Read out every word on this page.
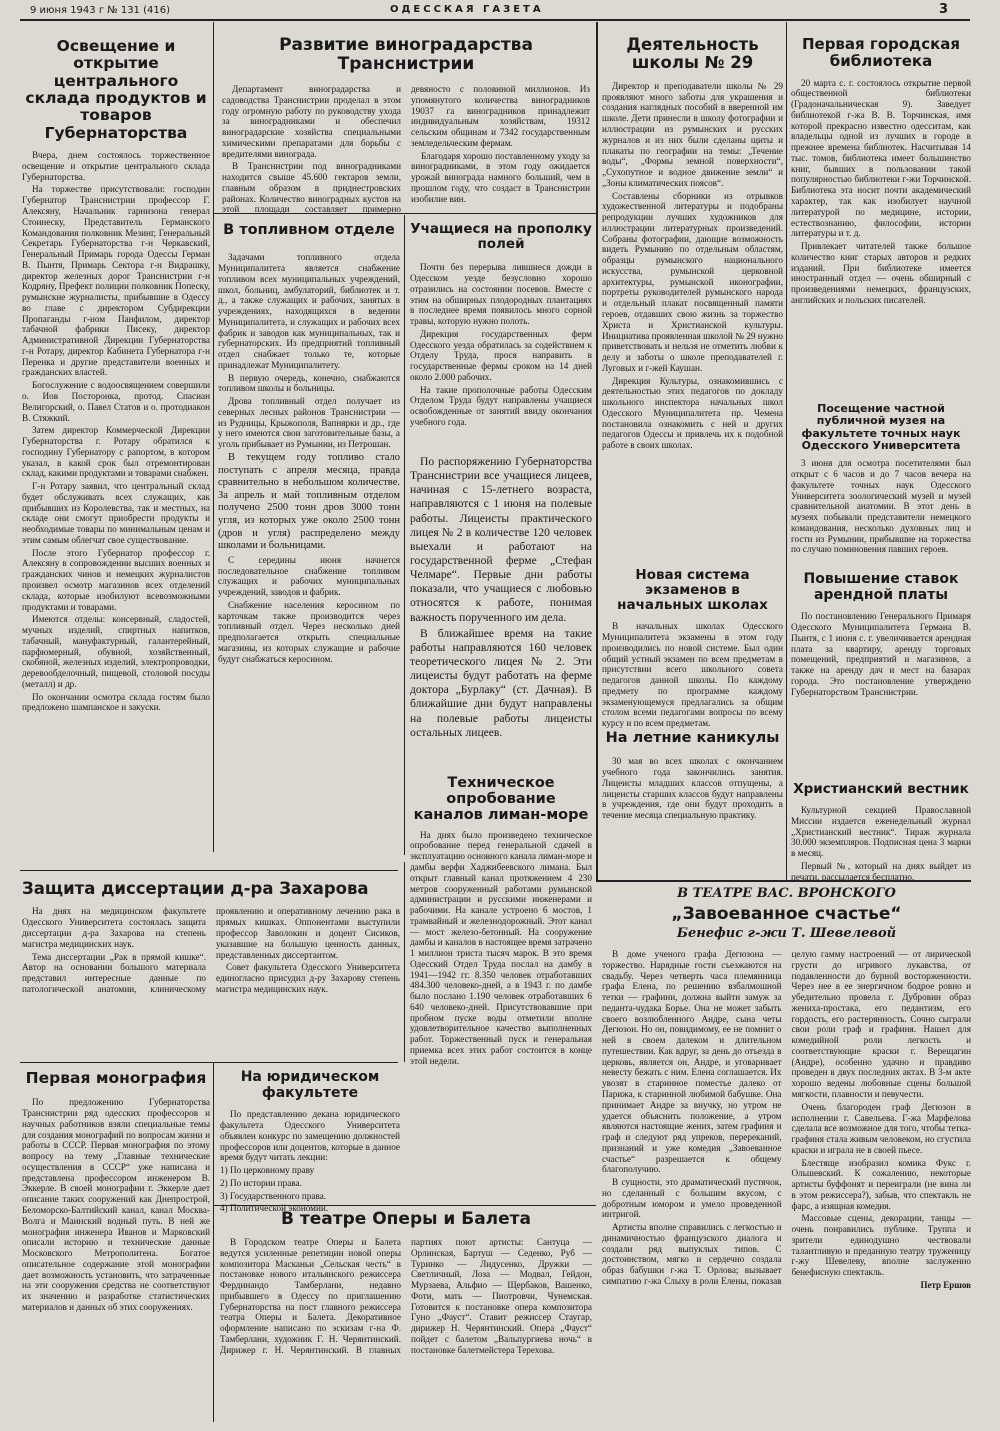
9 июня 1943 г № 131 (416)	ОДЕССКАЯ ГАЗЕТА	3
Освещение и открытие центрального склада продуктов и товаров Губернаторства

Вчера, днем состоялось торжественное освещение и открытие центрального склада Губернаторства.

На торжестве присутствовали: господин Губернатор Транснистрии профессор Г. Алексяну, Начальник гарнизона генерал Стоинеску, Представитель Германского Командования полковник Мезинг, Генеральный Секретарь Губернаторства г-н Черкавский, Генеральный Примарь города Одессы Герман В. Пынтя, Примарь Сектора г-н Видрашку, директор железных дорог Транснистрии г-н Кодряну, Префект полиции полковник Попеску, румынские журналисты, прибывшие в Одессу во главе с директором Субдирекции Пропаганды г-ном Панфилом, директор табачной фабрики Писеку, директор Административной Дирекции Губернаторства г-н Ротару, директор Кабинета Губернатора г-н Перенка и другие представители военных и гражданских властей.

Богослужение с водоосвящением совершили о. Иов Посторонка, протод. Спасиан Велигорский, о. Павел Статов и о. протодиакон В. Стяжкий.

Затем директор Коммерческой Дирекции Губернаторства г. Ротару обратился к господину Губернатору с рапортом, в котором указал, в какой срок был отремонтирован склад, какими продуктами и товарами снабжен.

Г-н Ротару заявил, что центральный склад будет обслуживать всех служащих, как прибывших из Королевства, так и местных, на складе они смогут приобрести продукты и необходимые товары по минимальным ценам и этим самым облегчат свое существование.

После этого Губернатор профессор г. Алексяну в сопровождении высших военных и гражданских чинов и немецких журналистов произвел осмотр магазинов всех отделений склада, которые изобилуют всевозможными продуктами и товарами.

Имеются отделы: консервный, сладостей, мучных изделий, спиртных напитков, табачный, мануфактурный, галантерейный, парфюмерный, обувной, хозяйственный, скобяной, железных изделий, электропроводки, деревообделочный, пищевой, столовой посуды (металл) и др.

По окончании осмотра склада гостям было предложено шампанское и закуски.

Развитие виноградарства Транснистрии

Департамент виноградарства и садоводства Транснистрии проделал в этом году огромную работу по руководству ухода за виноградниками и обеспечил виноградарские хозяйства специальными химическими препаратами для борьбы с вредителями винограда.

В Транснистрии под виноградниками находится свыше 45.600 гектаров земли, главным образом в приднестровских районах. Количество виноградных кустов на этой площади составляет примерно девяносто с половиной миллионов. Из упомянутого количества виноградников 19037 га виноградников принадлежит индивидуальным хозяйствам, 19312 сельским общинам и 7342 государственным земледельческим фермам.

Благодаря хорошо поставленному уходу за виноградниками, в этом году ожидается урожай винограда намного больший, чем в прошлом году, что создаст в Транснистрии изобилие вин.

В топливном отделе

Задачами топливного отдела Муниципалитета является снабжение топливом всех муниципальных учреждений, школ, больниц, амбулаторий, библиотек и т. д., а также служащих и рабочих, занятых в учреждениях, находящихся в ведении Муниципалитета, и служащих и рабочих всех фабрик и заводов как муниципальных, так и губернаторских. Из предприятий топливный отдел снабжает только те, которые принадлежат Муниципалитету.

В первую очередь, конечно, снабжаются топливом школы и больницы.

Дрова топливный отдел получает из северных лесных районов Транснистрии — из Рудницы, Крыжополя, Вапнярки и др., где у него имеются свои заготовительные базы, а уголь прибывает из Румынии, из Петрошан.

В текущем году топливо стало поступать с апреля месяца, правда сравнительно в небольшом количестве. За апрель и май топливным отделом получено 2500 тонн дров 3000 тонн угля, из которых уже около 2500 тонн (дров и угля) распределено между школами и больницами.

С середины июня начнется последовательное снабжение топливом служащих и рабочих муниципальных учреждений, заводов и фабрик.

Снабжение населения керосином по карточкам также производится через топливный отдел. Через несколько дней предполагается открыть специальные магазины, из которых служащие и рабочие будут снабжаться керосином.

Учащиеся на прополку полей

Почти без перерыва лившиеся дожди в Одесском уезде безусловно хорошо отразились на состоянии посевов. Вместе с этим на обширных плодородных плантациях в последнее время появилось много сорной травы, которую нужно полоть.

Дирекция государственных ферм Одесского уезда обратилась за содействием к Отделу Труда, прося направить в государственные фермы сроком на 14 дней около 2.000 рабочих.

На такие прополочные работы Одесским Отделом Труда будут направлены учащиеся освобожденные от занятий ввиду окончания учебного года.

По распоряжению Губернаторства Транснистрии все учащиеся лицеев, начиная с 15-летнего возраста, направляются с 1 июня на полевые работы. Лицеисты практического лицея № 2 в количестве 120 человек выехали и работают на государственной ферме „Стефан Челмаре“. Первые дни работы показали, что учащиеся с любовью относятся к работе, понимая важность порученного им дела.

В ближайшее время на такие работы направляются 160 человек теоретического лицея № 2. Эти лицеисты будут работать на ферме доктора „Бурлаку“ (ст. Дачная). В ближайшие дни будут направлены на полевые работы лицеисты остальных лицеев.

Техническое опробование каналов лиман-море

На днях было произведено техническое опробование перед генеральной сдачей в эксплуатацию основного канала лиман-море и дамбы верфи Хаджибеевского лимана. Был открыт главный канал протяжением 4 230 метров сооруженный работами румынской администрации и русскими инженерами и рабочими. На канале устроено 6 мостов, 1 трамвайный и железнодорожный. Этот канал — мост железо-бетонный. На сооружение дамбы и каналов в настоящее время затрачено 1 миллион триста тысяч марок. В это время Одесский Отдел Труда послал на дамбу в 1941—1942 гг. 8.350 человек отработавших 484.300 человеко-дней, а в 1943 г. по дамбе было послано 1.190 человек отработавших 6 640 человеко-дней. Присутствовавшие при пробном пуске воды отметили вполне удовлетворительное качество выполненных работ. Торжественный пуск и генеральная приемка всех этих работ состоится в конце этой недели.

Деятельность школы № 29

Директор и преподаватели школы № 29 проявляют много заботы для украшения и создания наглядных пособий в вверенной им школе. Дети принесли в школу фотографии и иллюстрации из румынских и русских журналов и из них были сделаны щиты и плакаты по географии на темы: „Течение воды“, „Формы земной поверхности“, „Сухопутное и водное движение земли“ и „Зоны климатических поясов“.

Составлены сборники из отрывков художественной литературы и подобраны репродукции лучших художников для иллюстрации литературных произведений. Собраны фотографии, дающие возможность видеть Румынию по отдельным областям, образцы румынского национального искусства, румынской церковной архитектуры, румынской иконографии, портреты руководителей румынского народа и отдельный плакат посвященный памяти героев, отдавших свою жизнь за торжество Христа и Христианской культуры. Инициатива проявленная школой № 29 нужно приветствовать и нельзя не отметить любви к делу и заботы о школе преподавателей г. Луговых и г-жей Каушан.

Дирекция Культуры, ознакомившись с деятельностью этих педагогов по докладу школьного инспектора начальных школ Одесского Муниципалитета пр. Чемена постановила ознакомить с ней и других педагогов Одессы и привлечь их к подобной работе в своих школах.

Новая система экзаменов в начальных школах

В начальных школах Одесского Муниципалитета экзамены в этом году производились по новой системе. Был один общий устный экзамен по всем предметам в присутствии всего школьного совета педагогов данной школы. По каждому предмету по программе каждому экзаменующемуся предлагались за общим столом всеми педагогами вопросы по всему курсу и по всем предметам.

На летние каникулы

30 мая во всех школах с окончанием учебного года закончились занятия. Лицеисты младших классов отпущены, а лицеисты старших классов будут направлены в учреждения, где они будут проходить в течение месяца специальную практику.

Первая городская библиотека

20 марта с. г. состоялось открытие первой общественной библиотеки (Градоначальническая 9). Заведует библиотекой г-жа В. В. Торчинская, имя которой прекрасно известно одесситам, как владельцы одной из лучших в городе в прежнее времена библиотек. Насчитывая 14 тыс. томов, библиотека имеет большинство книг, бывших в пользовании такой популярностью библиотеки г-жи Торчинской. Библиотека эта носит почти академический характер, так как изобилует научной литературой по медицине, истории, естествознанию, философии, истории литературы и т. д.

Привлекает читателей также большое количество книг старых авторов и редких изданий. При библиотеке имеется иностранный отдел — очень обширный с произведениями немецких, французских, английских и польских писателей.

Посещение частной публичной музея на факультете точных наук Одесского Университета

3 июня для осмотра посетителями был открыт с 6 часов и до 7 часов вечера на факультете точных наук Одесского Университета зоологический музей и музей сравнительной анатомии. В этот день в музеях побывали представители немецкого командования, несколько духовных лиц и гости из Румынии, прибывшие на торжества по случаю поминовения павших героев.

Повышение ставок арендной платы

По постановлению Генерального Примаря Одесского Муниципалитета Германа В. Пынтя, с 1 июня с. г. увеличивается арендная плата за квартиру, аренду торговых помещений, предприятий и магазинов, а также на аренду дач и мест на базарах города. Это постановление утверждено Губернаторством Транснистрии.

Христианский вестник

Культурной секцией Православной Миссии издается еженедельный журнал „Христианский вестник“. Тираж журнала 30.000 экземпляров. Подписная цена 3 марки в месяц.

Первый №, который на днях выйдет из печати, рассылается бесплатно.

Защита диссертации д-ра Захарова

На днях на медицинском факультете Одесского Университета состоялась защита диссертации д-ра Захарова на степень магистра медицинских наук.

Тема диссертации „Рак в прямой кишке“. Автор на основании большого материала представил интересные данные по патологической анатомии, клиническому проявлению и оперативному лечению рака в прямых кишках. Оппонентами выступили профессор Заволокин и доцент Сисиков, указавшие на большую ценность данных, представленных диссертантом.

Совет факультета Одесского Университета единогласно присудил д-ру Захарову степень магистра медицинских наук.

Первая монография

По предложению Губернаторства Транснистрии ряд одесских профессоров и научных работников взяли специальные темы для создания монографий по вопросам жизни и работы в СССР. Первая монография по этому вопросу на тему „Главные технические осуществления в СССР“ уже написана и представлена профессором инженером В. Эккерле. В своей монографии г. Эккерле дает описание таких сооружений как Днепрострой, Беломорско-Балтийский канал, канал Москва-Волга и Маинский водный путь. В ней же монография инженера Иванов и Марковский описали историю и технические данные Московского Метрополитена. Богатое описательное содержание этой монографии дает возможность установить, что затраченные на эти сооружения средства не соответствуют их значению и разработке статистических материалов и данных об этих сооружениях.

На юридическом факультете

По представлению декана юридического факультета Одесского Университета объявлен конкурс по замещению должностей профессоров или доцентов, которые в данное время будут читать лекции:

1) По церковному праву

2) По истории права.

3) Государственного права.

4) Политической экономии.

В театре Оперы и Балета

В Городском театре Оперы и Балета ведутся усиленные репетиции новой оперы композитора Масканьи „Сельская честь“ в постановке нового итальянского режиссера Фердинандо Тамберлани, недавно прибывшего в Одессу по приглашению Губернаторства на пост главного режиссера театра Оперы и Балета. Декоративное оформление написано по эскизам г-на Ф. Тамберлани, художник Г. Н. Черянтинский. Дирижер г. Н. Черянтинский. В главных партиях поют артисты: Сантуца — Орлинская, Бартуш — Седенко, Руб — Туринко — Лидусенко, Дружки — Светличный, Лоза — Модвал, Гейдон, Мурзаева, Альфио — Щербаков, Вашенко, Фоти, мать — Пиотровчи, Чунемская. Готовится к постановке опера композитора Гуно „Фауст“. Ставит режиссер Стаугар, дирижер Н. Черянтинский. Опера „Фауст“ пойдет с балетом „Вальпургиева ночь“ в постановке балетмейстера Терехова.

В ТЕАТРЕ ВАС. ВРОНСКОГО
„Завоеванное счастье“
Бенефис г-жи Т. Шевелевой

В доме ученого графа Дегюзона — торжество. Нарядные гости съезжаются на свадьбу. Через четверть часа племянница графа Елена, по решению взбалмошной тетки — графини, должна выйти замуж за педанта-чудака Борье. Она не может забыть своего возлюбленного Андре, сына четы Дегюзон. Но он, повидимому, ее не помнит о ней в своем далеком и длительном путешествии. Как вдруг, за день до отъезда в церковь, является он, Андре, и уговаривает невесту бежать с ним. Елена соглашается. Их увозят в старинное поместье далеко от Парижа, к старинной любимой бабушке. Она принимает Андре за внучку, но утром не удается объяснить положение, а утром являются настоящие жених, затем графиня и граф и следуют ряд упреков, перереканий, признаний и уже комедия „Завоеванное счастье“ разрешается к общему благополучию.

В сущности, это драматический пустячок, но сделанный с большим вкусом, с добротным юмором и умело проведенной интригой.

Артисты вполне справились с легкостью и динамичностью французского диалога и создали ряд выпуклых типов. С достоинством, мягко и сердечно создала образ бабушки г-жа Т. Орлова; вызывает симпатию г-жа Слыху в роли Елены, показав целую гамму настроений — от лирической грусти до игривого лукавства, от подавленности до бурной восторженности. Через нее в ее энергичном бодрое ровно и убедительно провела г. Дубровин образ жениха-простака, его педантизм, его гордость, его растерянность. Сочно сыграли свои роли граф и графиня. Нашел для комедийной роли легкость и соответствующие краски г. Верещагин (Андре), особенно удачно и правдиво проведен в двух последних актах. В 3-м акте хорошо ведены любовные сцены большой мягкости, плавности и певучести.

Очень благороден граф Дегюзон в исполнении г. Савельева. Г-жа Марфелова сделала все возможное для того, чтобы тетка-графиня стала живым человеком, но сгустила краски и играла не в своей пьесе.

Блестяще изобразил комика Фукс г. Ольшевский. К сожалению, некоторые артисты буффонят и переиграли (не вина ли в этом режиссера?), забыв, что спектакль не фарс, а изящная комедия.

Массовые сцены, декорации, танцы — очень понравились публике. Труппа и зрители единодушно чествовали талантливую и преданную театру труженицу г-жу Шевелеву, вполне заслуженно бенефисную спектакль.

Петр Ершов
